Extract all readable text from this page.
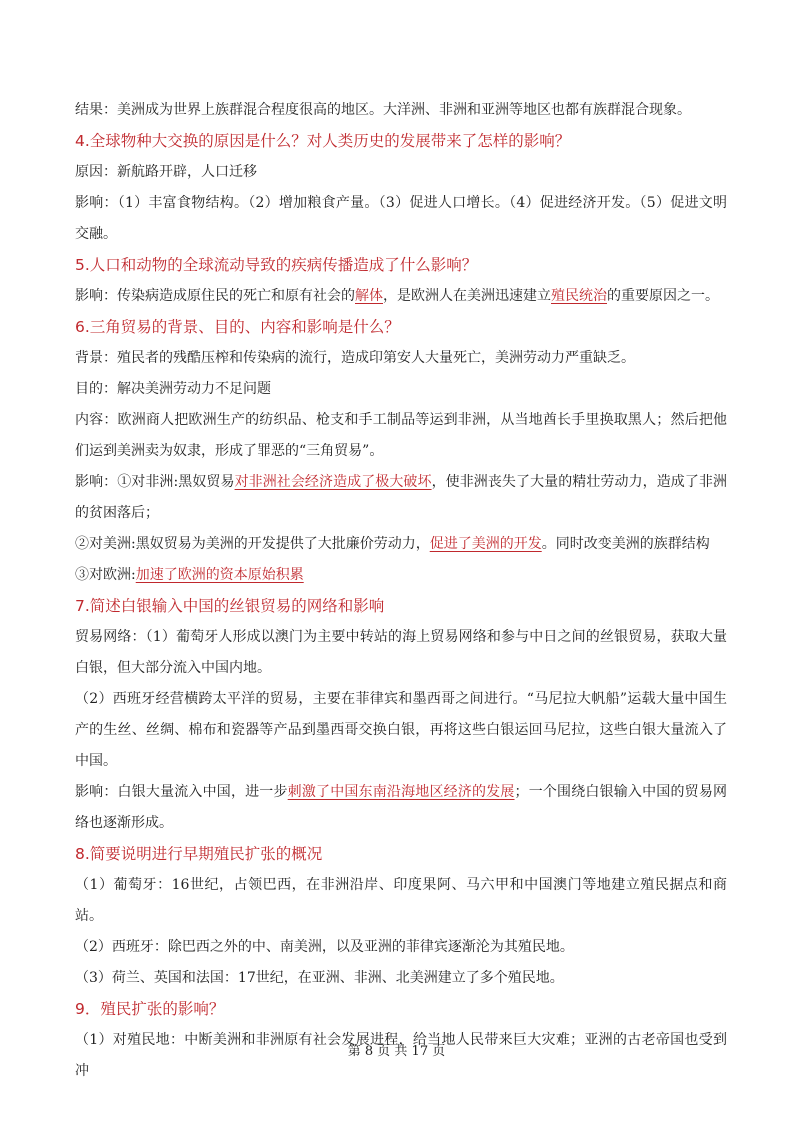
结果：美洲成为世界上族群混合程度很高的地区。大洋洲、非洲和亚洲等地区也都有族群混合现象。

4.全球物种大交换的原因是什么？对人类历史的发展带来了怎样的影响？

原因：新航路开辟，人口迁移

影响：（1）丰富食物结构。（2）增加粮食产量。（3）促进人口增长。（4）促进经济开发。（5）促进文明交融。

5.人口和动物的全球流动导致的疾病传播造成了什么影响？

影响：传染病造成原住民的死亡和原有社会的解体，是欧洲人在美洲迅速建立殖民统治的重要原因之一。

6.三角贸易的背景、目的、内容和影响是什么？

背景：殖民者的残酷压榨和传染病的流行，造成印第安人大量死亡，美洲劳动力严重缺乏。

目的：解决美洲劳动力不足问题

内容：欧洲商人把欧洲生产的纺织品、枪支和手工制品等运到非洲，从当地酋长手里换取黑人；然后把他们运到美洲卖为奴隶，形成了罪恶的“三角贸易”。

影响：①对非洲:黑奴贸易对非洲社会经济造成了极大破坏，使非洲丧失了大量的精壮劳动力，造成了非洲的贫困落后；

②对美洲:黑奴贸易为美洲的开发提供了大批廉价劳动力，促进了美洲的开发。同时改变美洲的族群结构

③对欧洲:加速了欧洲的资本原始积累

7.简述白银输入中国的丝银贸易的网络和影响

贸易网络：（1）葡萄牙人形成以澳门为主要中转站的海上贸易网络和参与中日之间的丝银贸易，获取大量白银，但大部分流入中国内地。

（2）西班牙经营横跨太平洋的贸易，主要在菲律宾和墨西哥之间进行。“马尼拉大帆船”运载大量中国生产的生丝、丝绸、棉布和瓷器等产品到墨西哥交换白银，再将这些白银运回马尼拉，这些白银大量流入了中国。

影响：白银大量流入中国，进一步刺激了中国东南沿海地区经济的发展；一个围绕白银输入中国的贸易网络也逐渐形成。

8.简要说明进行早期殖民扩张的概况

（1）葡萄牙：16世纪，占领巴西，在非洲沿岸、印度果阿、马六甲和中国澳门等地建立殖民据点和商站。

（2）西班牙：除巴西之外的中、南美洲，以及亚洲的菲律宾逐渐沦为其殖民地。

（3）荷兰、英国和法国：17世纪，在亚洲、非洲、北美洲建立了多个殖民地。

9．殖民扩张的影响？

（1）对殖民地：中断美洲和非洲原有社会发展进程，给当地人民带来巨大灾难；亚洲的古老帝国也受到冲

第 8 页 共 17 页
